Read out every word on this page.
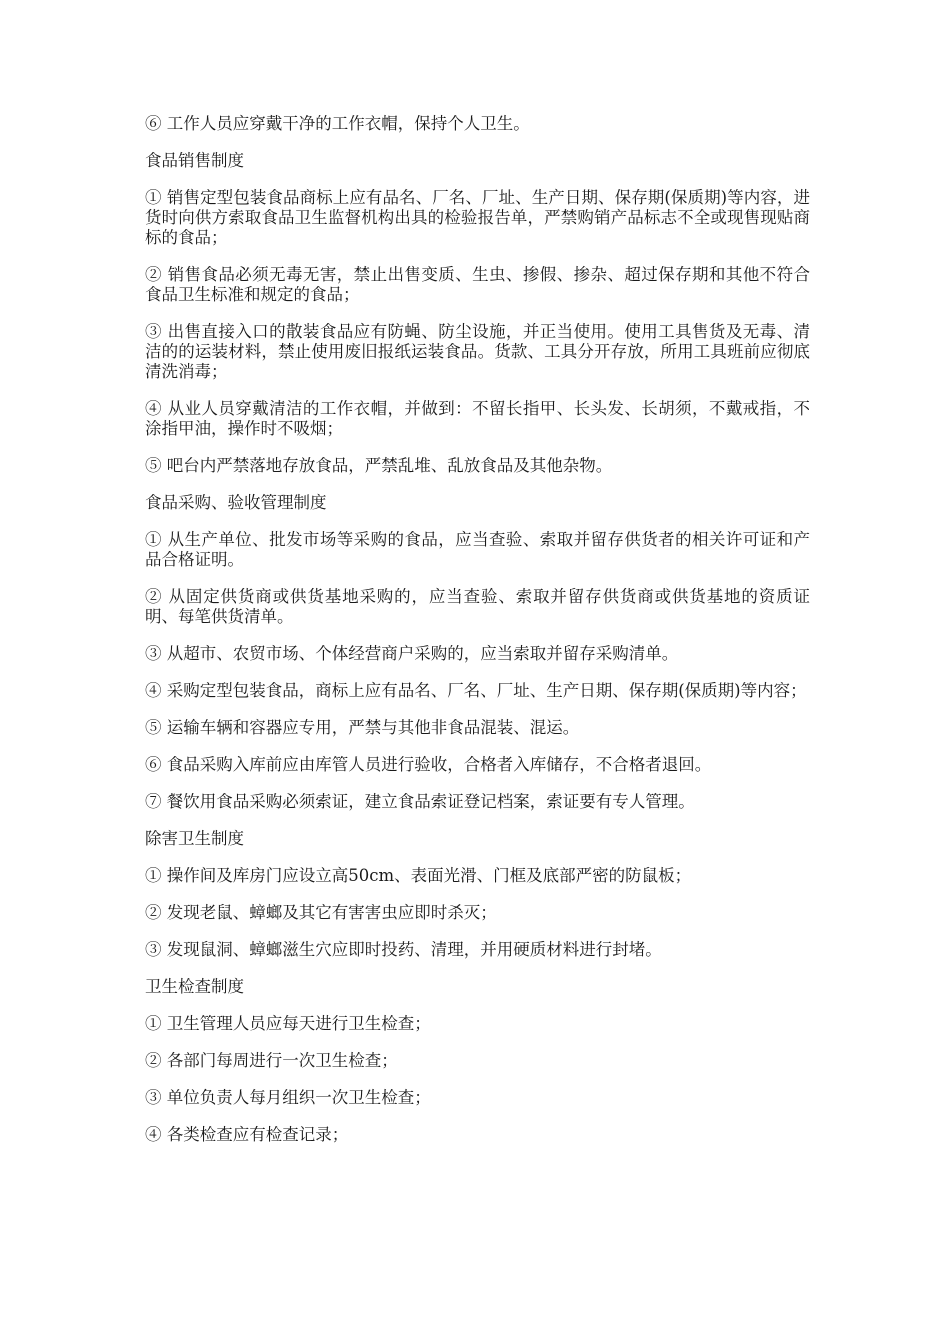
⑥ 工作人员应穿戴干净的工作衣帽，保持个人卫生。

食品销售制度

① 销售定型包装食品商标上应有品名、厂名、厂址、生产日期、保存期(保质期)等内容，进货时向供方索取食品卫生监督机构出具的检验报告单，严禁购销产品标志不全或现售现贴商标的食品；

② 销售食品必须无毒无害，禁止出售变质、生虫、掺假、掺杂、超过保存期和其他不符合食品卫生标准和规定的食品；

③ 出售直接入口的散装食品应有防蝇、防尘设施，并正当使用。使用工具售货及无毒、清洁的的运装材料，禁止使用废旧报纸运装食品。货款、工具分开存放，所用工具班前应彻底清洗消毒；

④ 从业人员穿戴清洁的工作衣帽，并做到：不留长指甲、长头发、长胡须，不戴戒指，不涂指甲油，操作时不吸烟；

⑤ 吧台内严禁落地存放食品，严禁乱堆、乱放食品及其他杂物。

食品采购、验收管理制度

① 从生产单位、批发市场等采购的食品，应当查验、索取并留存供货者的相关许可证和产品合格证明。

② 从固定供货商或供货基地采购的，应当查验、索取并留存供货商或供货基地的资质证明、每笔供货清单。

③ 从超市、农贸市场、个体经营商户采购的，应当索取并留存采购清单。

④ 采购定型包装食品，商标上应有品名、厂名、厂址、生产日期、保存期(保质期)等内容；

⑤ 运输车辆和容器应专用，严禁与其他非食品混装、混运。

⑥ 食品采购入库前应由库管人员进行验收，合格者入库储存，不合格者退回。

⑦ 餐饮用食品采购必须索证，建立食品索证登记档案，索证要有专人管理。

除害卫生制度

① 操作间及库房门应设立高50cm、表面光滑、门框及底部严密的防鼠板；

② 发现老鼠、蟑螂及其它有害害虫应即时杀灭；

③ 发现鼠洞、蟑螂滋生穴应即时投药、清理，并用硬质材料进行封堵。

卫生检查制度

① 卫生管理人员应每天进行卫生检查；

② 各部门每周进行一次卫生检查；

③ 单位负责人每月组织一次卫生检查；

④ 各类检查应有检查记录；
